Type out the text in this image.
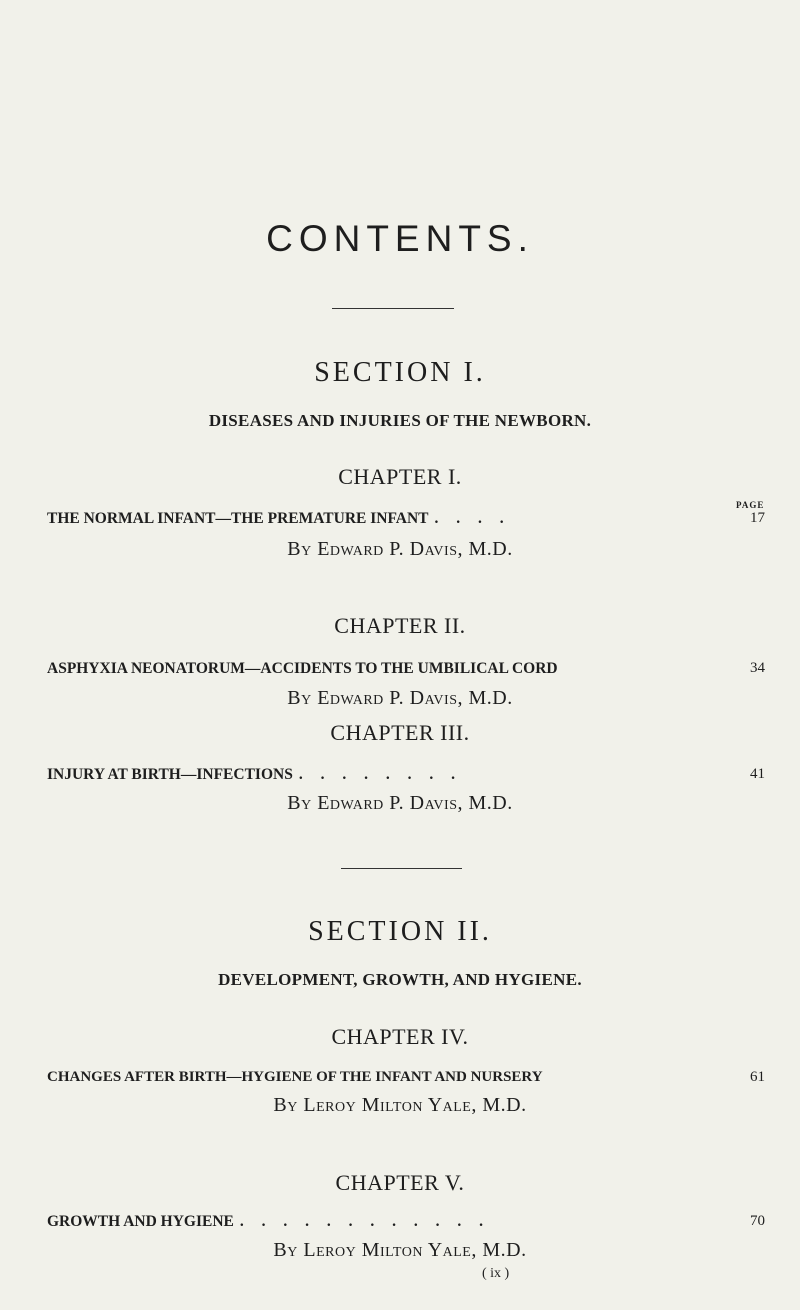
CONTENTS.
SECTION I.
DISEASES AND INJURIES OF THE NEWBORN.
CHAPTER I.
PAGE
THE NORMAL INFANT—THE PREMATURE INFANT . . . .	17
By Edward P. Davis, M.D.
CHAPTER II.
ASPHYXIA NEONATORUM—ACCIDENTS TO THE UMBILICAL CORD	34
By Edward P. Davis, M.D.
CHAPTER III.
INJURY AT BIRTH—INFECTIONS . . . . . . . .	41
By Edward P. Davis, M.D.
SECTION II.
DEVELOPMENT, GROWTH, AND HYGIENE.
CHAPTER IV.
CHANGES AFTER BIRTH—HYGIENE OF THE INFANT AND NURSERY	61
By Leroy Milton Yale, M.D.
CHAPTER V.
GROWTH AND HYGIENE . . . . . . . . . . . .	70
By Leroy Milton Yale, M.D.
( ix )
